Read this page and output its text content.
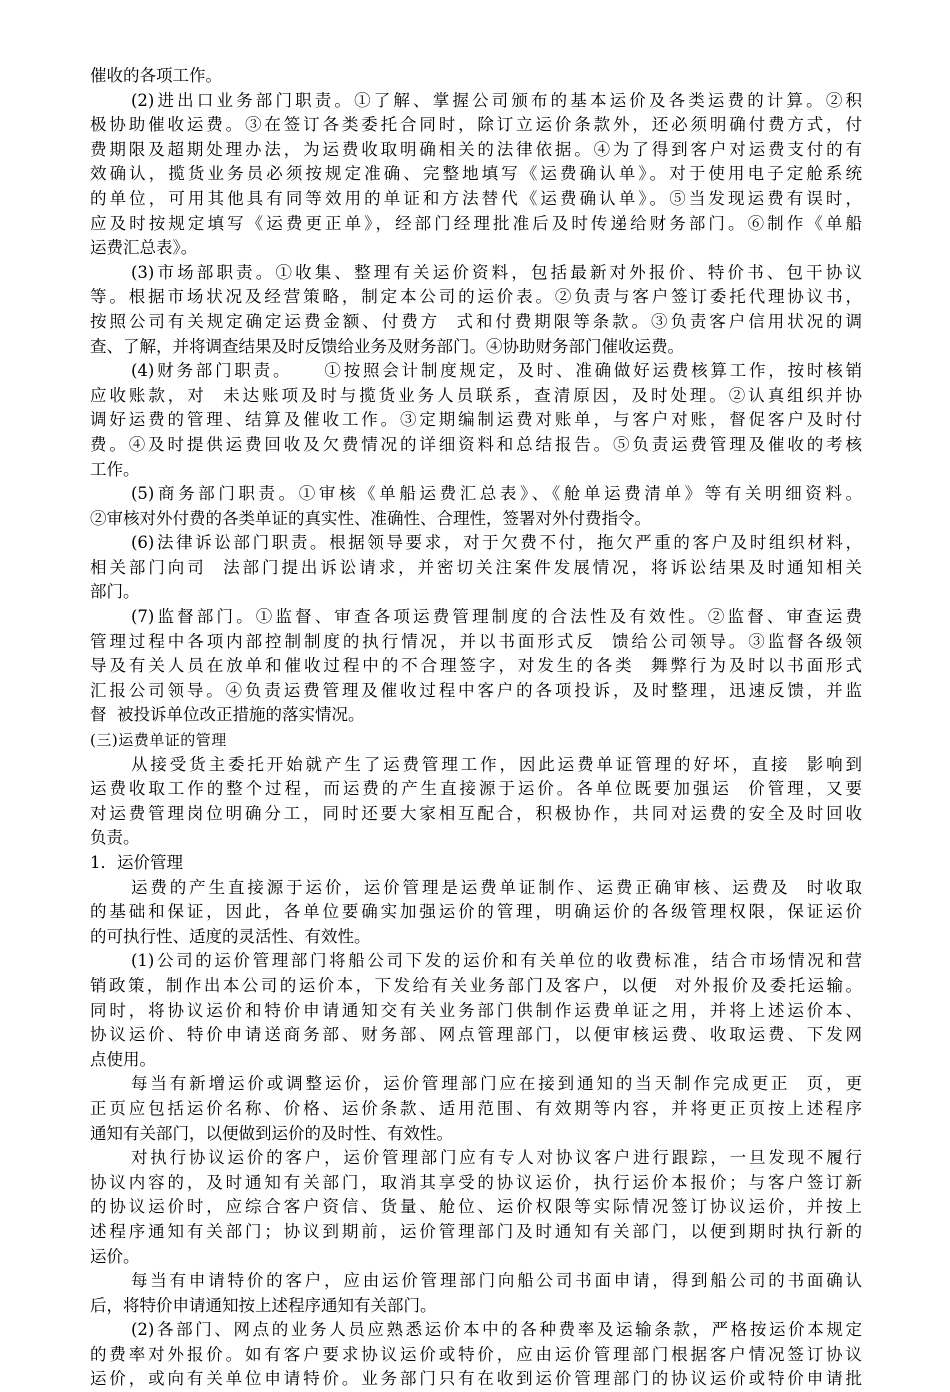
催收的各项工作。
(2)进出口业务部门职责。①了解、掌握公司颁布的基本运价及各类运费的计算。②积
极协助催收运费。③在签订各类委托合同时，除订立运价条款外，还必须明确付费方式，付
费期限及超期处理办法，为运费收取明确相关的法律依据。④为了得到客户对运费支付的有
效确认，揽货业务员必须按规定准确、完整地填写《运费确认单》。对于使用电子定舱系统
的单位，可用其他具有同等效用的单证和方法替代《运费确认单》。⑤当发现运费有误时，
应及时按规定填写《运费更正单》，经部门经理批准后及时传递给财务部门。⑥制作《单船
运费汇总表》。
(3)市场部职责。①收集、整理有关运价资料，包括最新对外报价、特价书、包干协议
等。根据市场状况及经营策略，制定本公司的运价表。②负责与客户签订委托代理协议书，
按照公司有关规定确定运费金额、付费方  式和付费期限等条款。③负责客户信用状况的调
查、了解，并将调查结果及时反馈给业务及财务部门。④协助财务部门催收运费。
(4)财务部门职责。    ①按照会计制度规定，及时、准确做好运费核算工作，按时核销
应收账款，对  未达账项及时与揽货业务人员联系，查清原因，及时处理。②认真组织并协
调好运费的管理、结算及催收工作。③定期编制运费对账单，与客户对账，督促客户及时付
费。④及时提供运费回收及欠费情况的详细资料和总结报告。⑤负责运费管理及催收的考核
工作。
(5)商务部门职责。①审核《单船运费汇总表》、《舱单运费清单》等有关明细资料。
②审核对外付费的各类单证的真实性、准确性、合理性，签署对外付费指令。
(6)法律诉讼部门职责。根据领导要求，对于欠费不付，拖欠严重的客户及时组织材料，
相关部门向司  法部门提出诉讼请求，并密切关注案件发展情况，将诉讼结果及时通知相关
部门。
(7)监督部门。①监督、审查各项运费管理制度的合法性及有效性。②监督、审查运费
管理过程中各项内部控制制度的执行情况，并以书面形式反  馈给公司领导。③监督各级领
导及有关人员在放单和催收过程中的不合理签字，对发生的各类  舞弊行为及时以书面形式
汇报公司领导。④负责运费管理及催收过程中客户的各项投诉，及时整理，迅速反馈，并监
督  被投诉单位改正措施的落实情况。
(三)运费单证的管理
从接受货主委托开始就产生了运费管理工作，因此运费单证管理的好坏，直接  影响到
运费收取工作的整个过程，而运费的产生直接源于运价。各单位既要加强运  价管理，又要
对运费管理岗位明确分工，同时还要大家相互配合，积极协作，共同对运费的安全及时回收
负责。
1．运价管理
运费的产生直接源于运价，运价管理是运费单证制作、运费正确审核、运费及  时收取
的基础和保证，因此，各单位要确实加强运价的管理，明确运价的各级管理权限，保证运价
的可执行性、适度的灵活性、有效性。
(1)公司的运价管理部门将船公司下发的运价和有关单位的收费标准，结合市场情况和营
销政策，制作出本公司的运价本，下发给有关业务部门及客户，以便  对外报价及委托运输。
同时，将协议运价和特价申请通知交有关业务部门供制作运费单证之用，并将上述运价本、
协议运价、特价申请送商务部、财务部、网点管理部门，以便审核运费、收取运费、下发网
点使用。
每当有新增运价或调整运价，运价管理部门应在接到通知的当天制作完成更正  页，更
正页应包括运价名称、价格、运价条款、适用范围、有效期等内容，并将更正页按上述程序
通知有关部门，以便做到运价的及时性、有效性。
对执行协议运价的客户，运价管理部门应有专人对协议客户进行跟踪，一旦发现不履行
协议内容的，及时通知有关部门，取消其享受的协议运价，执行运价本报价；与客户签订新
的协议运价时，应综合客户资信、货量、舱位、运价权限等实际情况签订协议运价，并按上
述程序通知有关部门；协议到期前，运价管理部门及时通知有关部门，以便到期时执行新的
运价。
每当有申请特价的客户，应由运价管理部门向船公司书面申请，得到船公司的书面确认
后，将特价申请通知按上述程序通知有关部门。
(2)各部门、网点的业务人员应熟悉运价本中的各种费率及运输条款，严格按运价本规定
的费率对外报价。如有客户要求协议运价或特价，应由运价管理部门根据客户情况签订协议
运价，或向有关单位申请特价。业务部门只有在收到运价管理部门的协议运价或特价申请批
